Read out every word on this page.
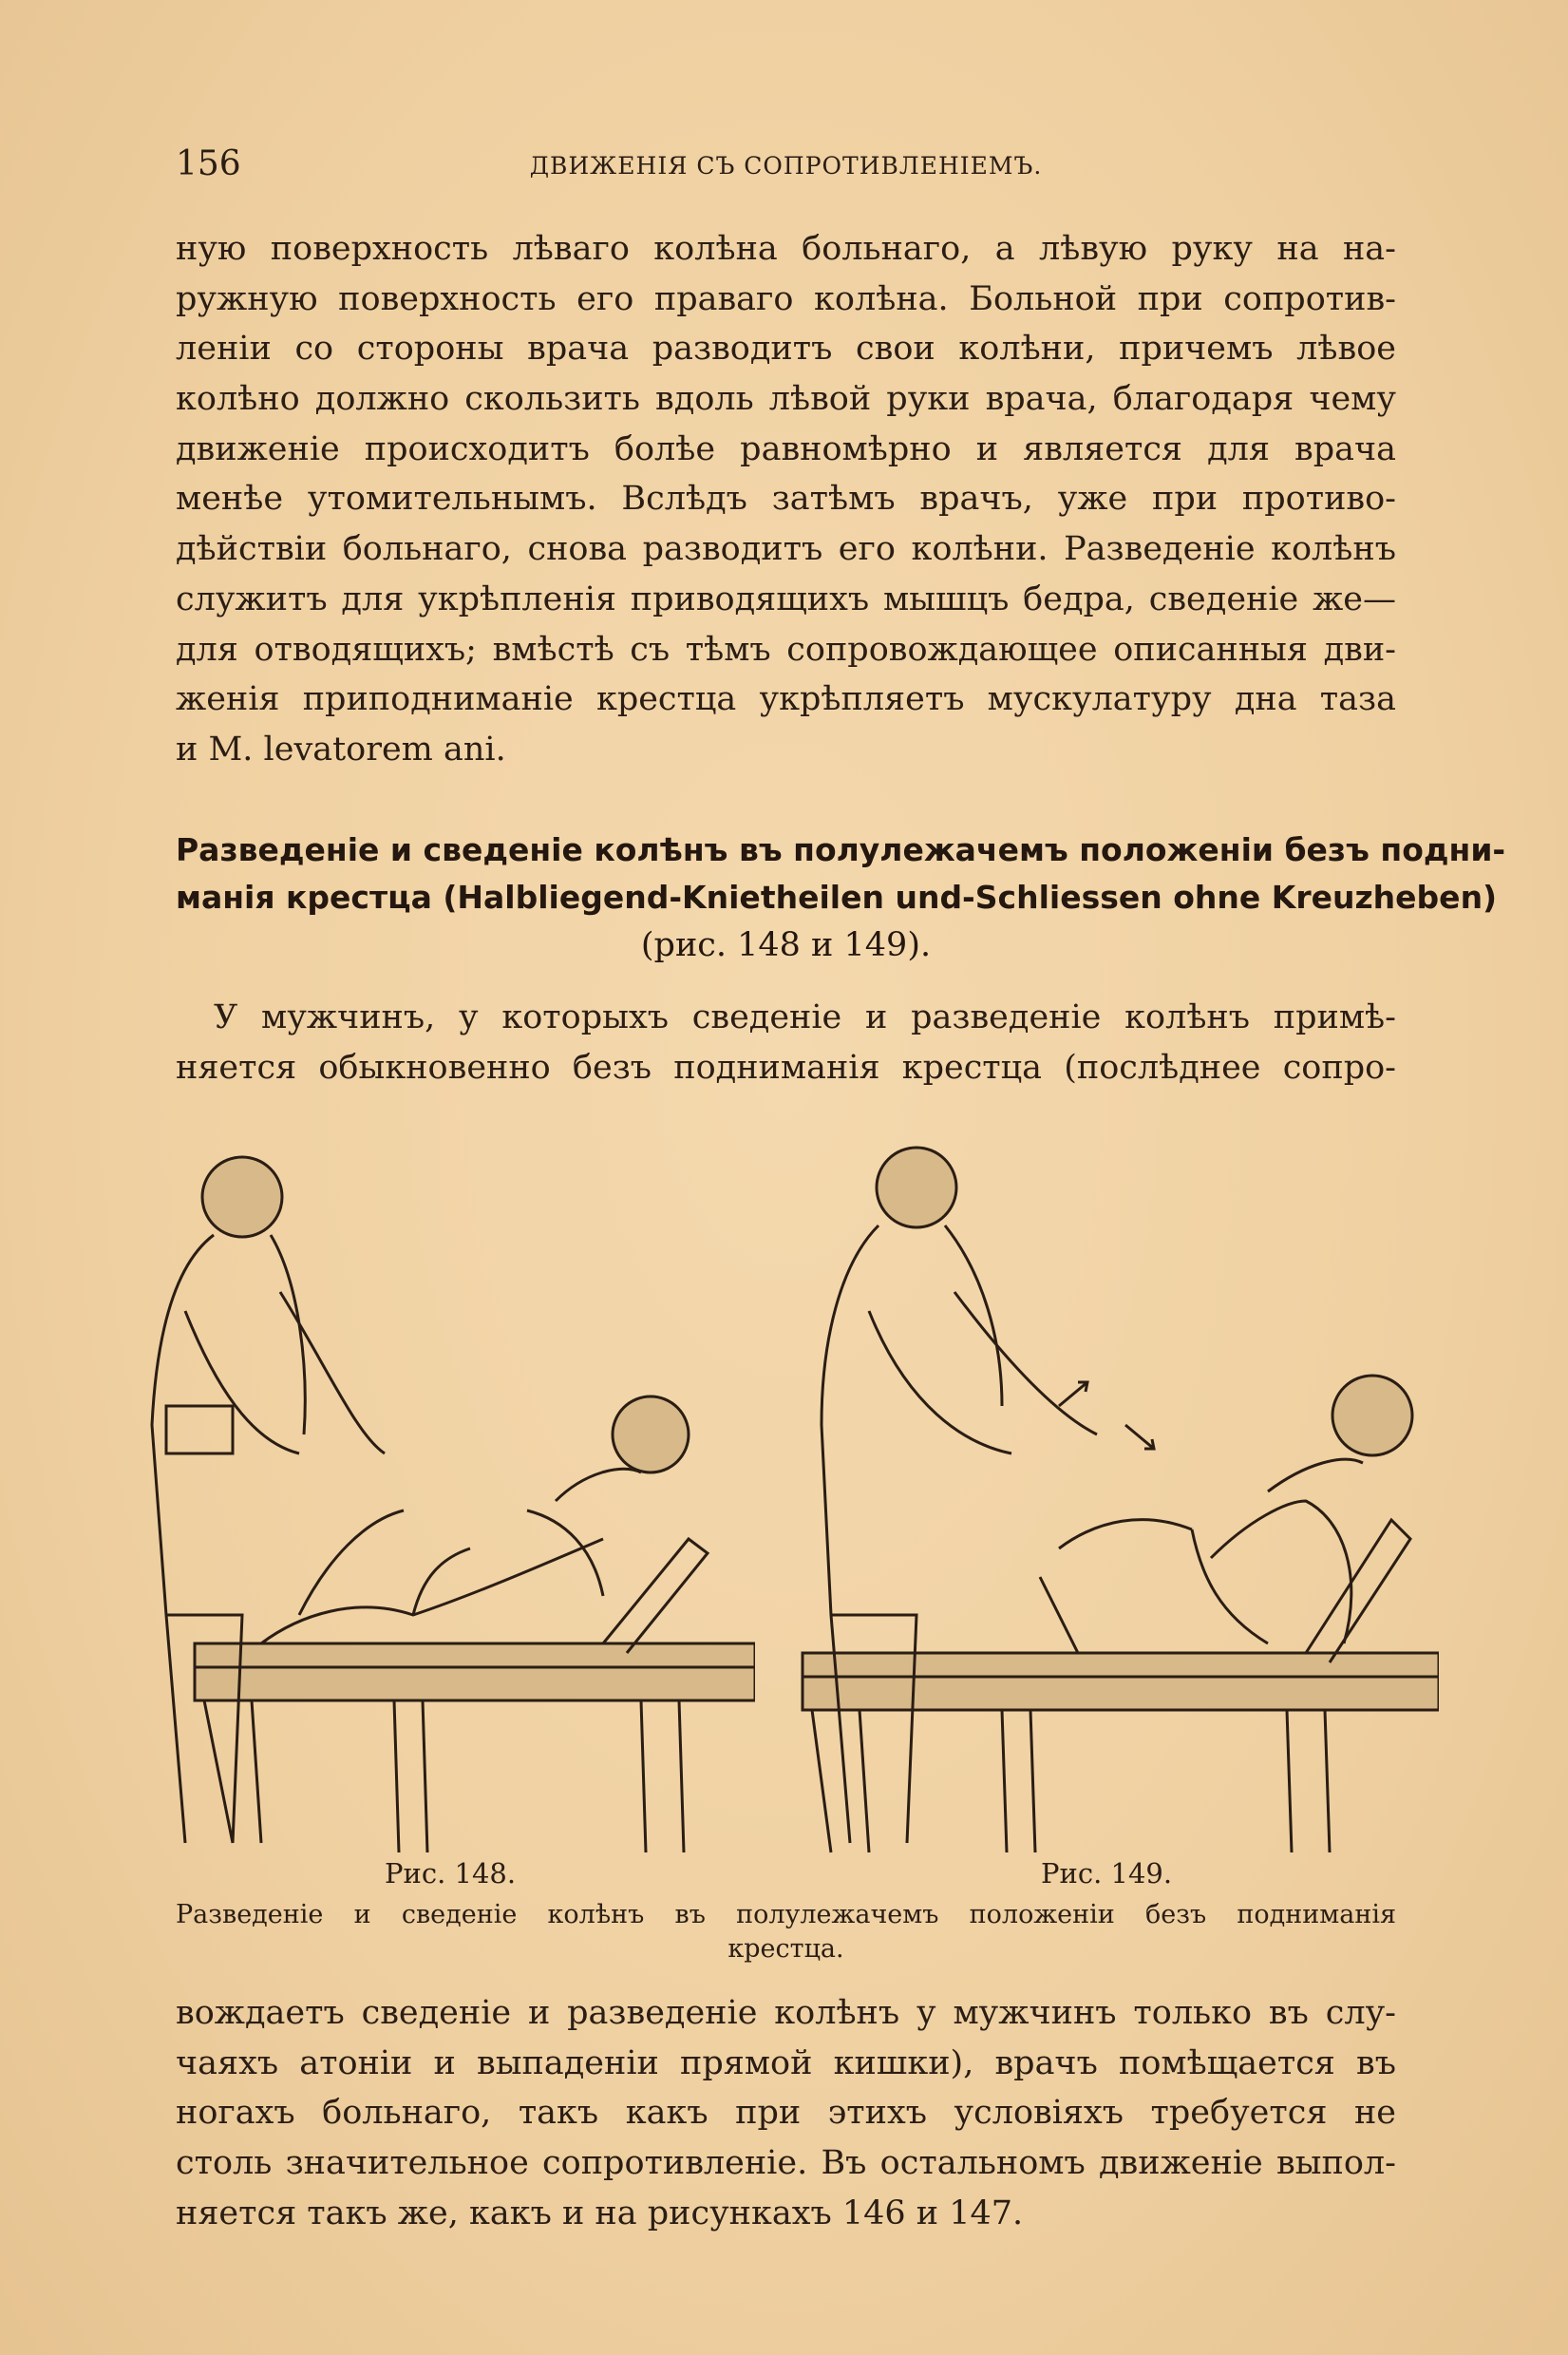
156	ДВИЖЕНІЯ СЪ СОПРОТИВЛЕНІЕМЪ.
ную поверхность лѣваго колѣна больнаго, а лѣвую руку на на-
ружную поверхность его праваго колѣна. Больной при сопротив-
леніи со стороны врача разводитъ свои колѣни, причемъ лѣвое
колѣно должно скользить вдоль лѣвой руки врача, благодаря чему
движеніе происходитъ болѣе равномѣрно и является для врача
менѣе утомительнымъ. Вслѣдъ затѣмъ врачъ, уже при противо-
дѣйствіи больнаго, снова разводитъ его колѣни. Разведеніе колѣнъ
служитъ для укрѣпленія приводящихъ мышцъ бедра, сведеніе же—
для отводящихъ; вмѣстѣ съ тѣмъ сопровождающее описанныя дви-
женія приподниманіе крестца укрѣпляетъ мускулатуру дна таза
и M. levatorem ani.
Разведеніе и сведеніе колѣнъ въ полулежачемъ положеніи безъ подни-
манія крестца (Halbliegend-Knietheilen und-Schliessen ohne Kreuzheben)
(рис. 148 и 149).
У мужчинъ, у которыхъ сведеніе и разведеніе колѣнъ примѣ-
няется обыкновенно безъ подниманія крестца (послѣднее сопро-
Рис. 148.	Рис. 149.
Разведеніе и сведеніе колѣнъ въ полулежачемъ положеніи безъ подниманія
крестца.
вождаетъ сведеніе и разведеніе колѣнъ у мужчинъ только въ слу-
чаяхъ атоніи и выпаденіи прямой кишки), врачъ помѣщается въ
ногахъ больнаго, такъ какъ при этихъ условіяхъ требуется не
столь значительное сопротивленіе. Въ остальномъ движеніе выпол-
няется такъ же, какъ и на рисункахъ 146 и 147.
